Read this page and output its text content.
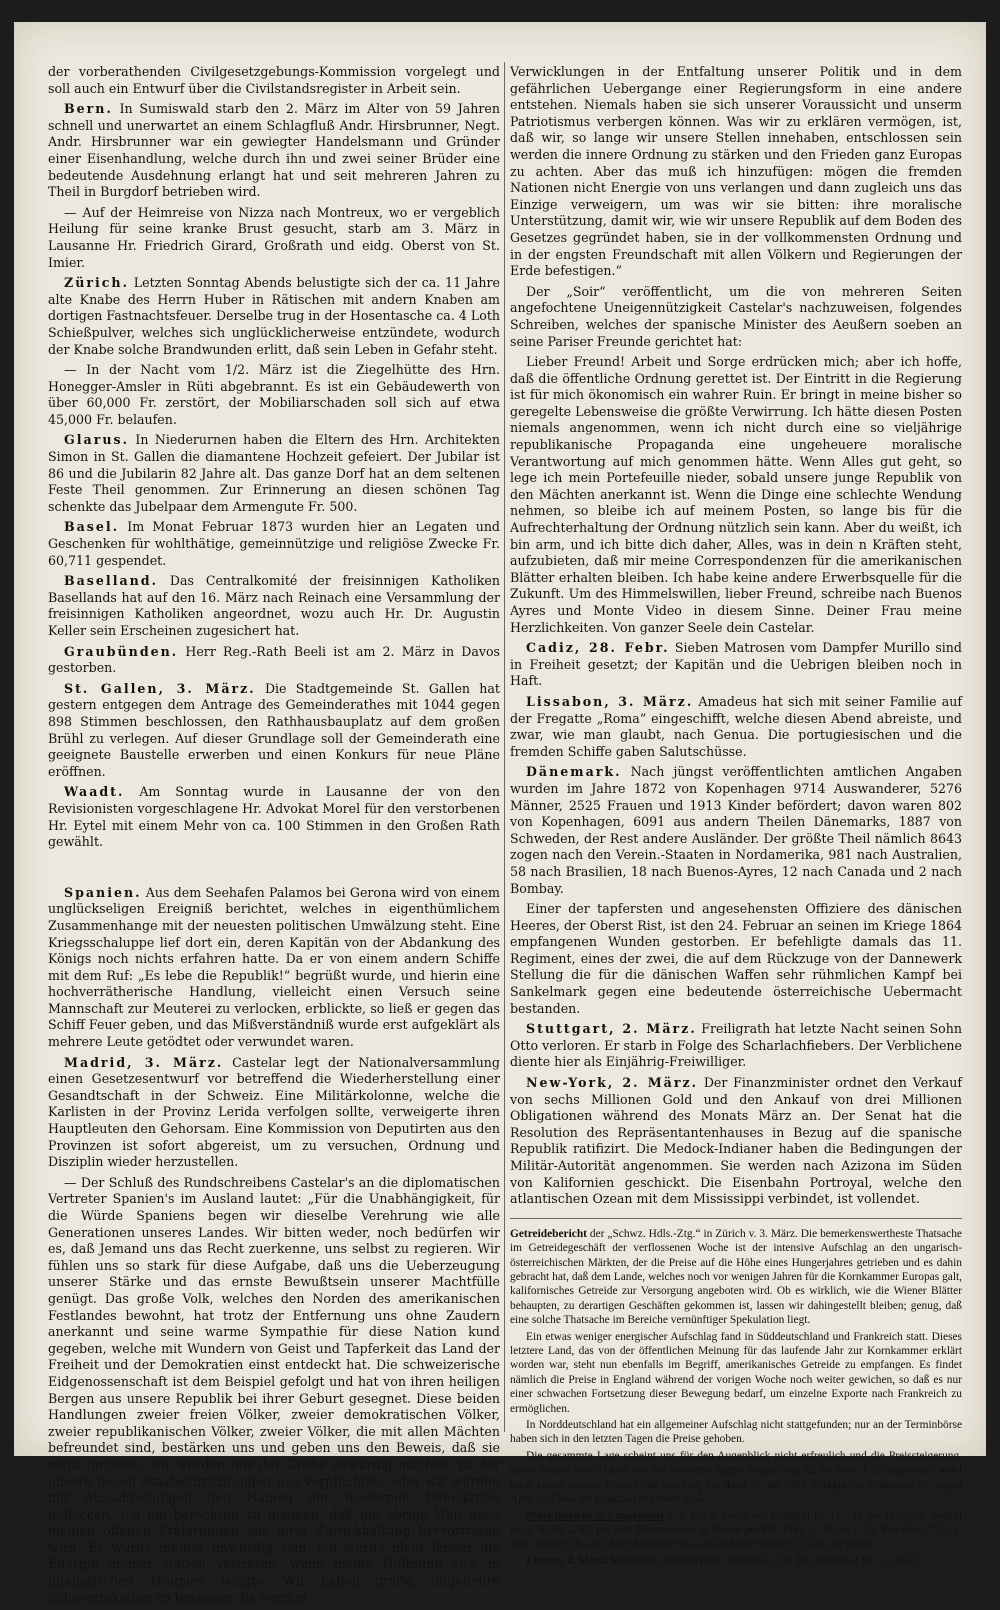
der vorberathenden Civilgesetzgebungs-Kommission vorgelegt und soll auch ein Entwurf über die Civilstandsregister in Arbeit sein.

Bern. In Sumiswald starb den 2. März im Alter von 59 Jahren schnell und unerwartet an einem Schlagfluß Andr. Hirsbrunner, Negt. Andr. Hirsbrunner war ein gewiegter Handelsmann und Gründer einer Eisenhandlung, welche durch ihn und zwei seiner Brüder eine bedeutende Ausdehnung erlangt hat und seit mehreren Jahren zu Theil in Burgdorf betrieben wird.

— Auf der Heimreise von Nizza nach Montreux, wo er vergeblich Heilung für seine kranke Brust gesucht, starb am 3. März in Lausanne Hr. Friedrich Girard, Großrath und eidg. Oberst von St. Imier.

Zürich. Letzten Sonntag Abends belustigte sich der ca. 11 Jahre alte Knabe des Herrn Huber in Rätischen mit andern Knaben am dortigen Fastnachtsfeuer. Derselbe trug in der Hosentasche ca. 4 Loth Schießpulver, welches sich unglücklicherweise entzündete, wodurch der Knabe solche Brandwunden erlitt, daß sein Leben in Gefahr steht.

— In der Nacht vom 1/2. März ist die Ziegelhütte des Hrn. Honegger-Amsler in Rüti abgebrannt. Es ist ein Gebäudewerth von über 60,000 Fr. zerstört, der Mobiliarschaden soll sich auf etwa 45,000 Fr. belaufen.

Glarus. In Niederurnen haben die Eltern des Hrn. Architekten Simon in St. Gallen die diamantene Hochzeit gefeiert. Der Jubilar ist 86 und die Jubilarin 82 Jahre alt. Das ganze Dorf hat an dem seltenen Feste Theil genommen. Zur Erinnerung an diesen schönen Tag schenkte das Jubelpaar dem Armengute Fr. 500.

Basel. Im Monat Februar 1873 wurden hier an Legaten und Geschenken für wohlthätige, gemeinnützige und religiöse Zwecke Fr. 60,711 gespendet.

Baselland. Das Centralkomité der freisinnigen Katholiken Basellands hat auf den 16. März nach Reinach eine Versammlung der freisinnigen Katholiken angeordnet, wozu auch Hr. Dr. Augustin Keller sein Erscheinen zugesichert hat.

Graubünden. Herr Reg.-Rath Beeli ist am 2. März in Davos gestorben.

St. Gallen, 3. März. Die Stadtgemeinde St. Gallen hat gestern entgegen dem Antrage des Gemeinderathes mit 1044 gegen 898 Stimmen beschlossen, den Rathhausbauplatz auf dem großen Brühl zu verlegen. Auf dieser Grundlage soll der Gemeinderath eine geeignete Baustelle erwerben und einen Konkurs für neue Pläne eröffnen.

Waadt. Am Sonntag wurde in Lausanne der von den Revisionisten vorgeschlagene Hr. Advokat Morel für den verstorbenen Hr. Eytel mit einem Mehr von ca. 100 Stimmen in den Großen Rath gewählt.

Spanien. Aus dem Seehafen Palamos bei Gerona wird von einem unglückseligen Ereigniß berichtet, welches in eigenthümlichem Zusammenhange mit der neuesten politischen Umwälzung steht. Eine Kriegsschaluppe lief dort ein, deren Kapitän von der Abdankung des Königs noch nichts erfahren hatte. Da er von einem andern Schiffe mit dem Ruf: „Es lebe die Republik!“ begrüßt wurde, und hierin eine hochverrätherische Handlung, vielleicht einen Versuch seine Mannschaft zur Meuterei zu verlocken, erblickte, so ließ er gegen das Schiff Feuer geben, und das Mißverständniß wurde erst aufgeklärt als mehrere Leute getödtet oder verwundet waren.

Madrid, 3. März. Castelar legt der Nationalversammlung einen Gesetzesentwurf vor betreffend die Wiederherstellung einer Gesandtschaft in der Schweiz. Eine Militärkolonne, welche die Karlisten in der Provinz Lerida verfolgen sollte, verweigerte ihren Hauptleuten den Gehorsam. Eine Kommission von Deputirten aus den Provinzen ist sofort abgereist, um zu versuchen, Ordnung und Disziplin wieder herzustellen.

— Der Schluß des Rundschreibens Castelar's an die diplomatischen Vertreter Spanien's im Ausland lautet: „Für die Unabhängigkeit, für die Würde Spaniens begen wir dieselbe Verehrung wie alle Generationen unseres Landes. Wir bitten weder, noch bedürfen wir es, daß Jemand uns das Recht zuerkenne, uns selbst zu regieren. Wir fühlen uns so stark für diese Aufgabe, daß uns die Ueberzeugung unserer Stärke und das ernste Bewußtsein unserer Machtfülle genügt. Das große Volk, welches den Norden des amerikanischen Festlandes bewohnt, hat trotz der Entfernung uns ohne Zaudern anerkannt und seine warme Sympathie für diese Nation kund gegeben, welche mit Wundern von Geist und Tapferkeit das Land der Freiheit und der Demokratien einst entdeckt hat. Die schweizerische Eidgenossenschaft ist dem Beispiel gefolgt und hat von ihren heiligen Bergen aus unsere Republik bei ihrer Geburt gesegnet. Diese beiden Handlungen zweier freien Völker, zweier demokratischen Völker, zweier republikanischen Völker, zweier Völker, die mit allen Mächten befreundet sind, bestärken uns und geben uns den Beweis, daß sie nicht fürchten, wir würden uns der Größe unwürdig machen, zu der unsere neuen Staatseinrichtungen uns verpflichten, oder wir würden mit Ausschreitungen den Namen der modernen Demokratie beflecken. Ich bin berechtigt zu glauben, daß die übrige Welt nach meinen offenen Erklärungen aus ihrer Zurückhaltung hervortreten wird. Es würde meiner unwürdig sein, ich würde nicht länger die Energie meiner Nation vertreten, wenn meine Hoffnung sich in phanatischen Träumen wiegte. Wir haben große, ungeheure Schwierigkeiten zu besiegen. Es werden

Verwicklungen in der Entfaltung unserer Politik und in dem gefährlichen Uebergange einer Regierungsform in eine andere entstehen. Niemals haben sie sich unserer Voraussicht und unserm Patriotismus verbergen können. Was wir zu erklären vermögen, ist, daß wir, so lange wir unsere Stellen innehaben, entschlossen sein werden die innere Ordnung zu stärken und den Frieden ganz Europas zu achten. Aber das muß ich hinzufügen: mögen die fremden Nationen nicht Energie von uns verlangen und dann zugleich uns das Einzige verweigern, um was wir sie bitten: ihre moralische Unterstützung, damit wir, wie wir unsere Republik auf dem Boden des Gesetzes gegründet haben, sie in der vollkommensten Ordnung und in der engsten Freundschaft mit allen Völkern und Regierungen der Erde befestigen.“

Der „Soir“ veröffentlicht, um die von mehreren Seiten angefochtene Uneigennützigkeit Castelar's nachzuweisen, folgendes Schreiben, welches der spanische Minister des Aeußern soeben an seine Pariser Freunde gerichtet hat:

Lieber Freund! Arbeit und Sorge erdrücken mich; aber ich hoffe, daß die öffentliche Ordnung gerettet ist. Der Eintritt in die Regierung ist für mich ökonomisch ein wahrer Ruin. Er bringt in meine bisher so geregelte Lebensweise die größte Verwirrung. Ich hätte diesen Posten niemals angenommen, wenn ich nicht durch eine so vieljährige republikanische Propaganda eine ungeheuere moralische Verantwortung auf mich genommen hätte. Wenn Alles gut geht, so lege ich mein Portefeuille nieder, sobald unsere junge Republik von den Mächten anerkannt ist. Wenn die Dinge eine schlechte Wendung nehmen, so bleibe ich auf meinem Posten, so lange bis für die Aufrechterhaltung der Ordnung nützlich sein kann. Aber du weißt, ich bin arm, und ich bitte dich daher, Alles, was in dein n Kräften steht, aufzubieten, daß mir meine Correspondenzen für die amerikanischen Blätter erhalten bleiben. Ich habe keine andere Erwerbsquelle für die Zukunft. Um des Himmelswillen, lieber Freund, schreibe nach Buenos Ayres und Monte Video in diesem Sinne. Deiner Frau meine Herzlichkeiten. Von ganzer Seele dein Castelar.

Cadiz, 28. Febr. Sieben Matrosen vom Dampfer Murillo sind in Freiheit gesetzt; der Kapitän und die Uebrigen bleiben noch in Haft.

Lissabon, 3. März. Amadeus hat sich mit seiner Familie auf der Fregatte „Roma“ eingeschifft, welche diesen Abend abreiste, und zwar, wie man glaubt, nach Genua. Die portugiesischen und die fremden Schiffe gaben Salutschüsse.

Dänemark. Nach jüngst veröffentlichten amtlichen Angaben wurden im Jahre 1872 von Kopenhagen 9714 Auswanderer, 5276 Männer, 2525 Frauen und 1913 Kinder befördert; davon waren 802 von Kopenhagen, 6091 aus andern Theilen Dänemarks, 1887 von Schweden, der Rest andere Ausländer. Der größte Theil nämlich 8643 zogen nach den Verein.-Staaten in Nordamerika, 981 nach Australien, 58 nach Brasilien, 18 nach Buenos-Ayres, 12 nach Canada und 2 nach Bombay.

Einer der tapfersten und angesehensten Offiziere des dänischen Heeres, der Oberst Rist, ist den 24. Februar an seinen im Kriege 1864 empfangenen Wunden gestorben. Er befehligte damals das 11. Regiment, eines der zwei, die auf dem Rückzuge von der Dannewerk Stellung die für die dänischen Waffen sehr rühmlichen Kampf bei Sankelmark gegen eine bedeutende österreichische Uebermacht bestanden.

Stuttgart, 2. März. Freiligrath hat letzte Nacht seinen Sohn Otto verloren. Er starb in Folge des Scharlachfiebers. Der Verblichene diente hier als Einjährig-Freiwilliger.

New-York, 2. März. Der Finanzminister ordnet den Verkauf von sechs Millionen Gold und den Ankauf von drei Millionen Obligationen während des Monats März an. Der Senat hat die Resolution des Repräsentantenhauses in Bezug auf die spanische Republik ratifizirt. Die Medock-Indianer haben die Bedingungen der Militär-Autorität angenommen. Sie werden nach Azizona im Süden von Kalifornien geschickt. Die Eisenbahn Portroyal, welche den atlantischen Ozean mit dem Mississippi verbindet, ist vollendet.

Getreidebericht der „Schwz. Hdls.-Ztg.“ in Zürich v. 3. März. Die bemerkenswertheste Thatsache im Getreidegeschäft der verflossenen Woche ist der intensive Aufschlag an den ungarisch-österreichischen Märkten, der die Preise auf die Höhe eines Hungerjahres getrieben und es dahin gebracht hat, daß dem Lande, welches noch vor wenigen Jahren für die Kornkammer Europas galt, kalifornisches Getreide zur Versorgung angeboten wird. Ob es wirklich, wie die Wiener Blätter behaupten, zu derartigen Geschäften gekommen ist, lassen wir dahingestellt bleiben; genug, daß eine solche Thatsache im Bereiche vernünftiger Spekulation liegt.

Ein etwas weniger energischer Aufschlag fand in Süddeutschland und Frankreich statt. Dieses letztere Land, das von der öffentlichen Meinung für das laufende Jahr zur Kornkammer erklärt worden war, steht nun ebenfalls im Begriff, amerikanisches Getreide zu empfangen. Es findet nämlich die Preise in England während der vorigen Woche noch weiter gewichen, so daß es nur einer schwachen Fortsetzung dieser Bewegung bedarf, um einzelne Exporte nach Frankreich zu ermöglichen.

In Norddeutschland hat ein allgemeiner Aufschlag nicht stattgefunden; nur an der Terminbörse haben sich in den letzten Tagen die Preise gehoben.

Die gesammte Lage scheint uns für den Augenblick nicht erfreulich und die Preissteigerung, deren Wahrscheinlichkeit wir vor vierzehn Tagen besprachen, dürfte trotz Frühlingswetter wohl noch etwas weitere Fortschritte machen, bis dann — im Falle erträglicher Witterung — gegen April und Mai die Reaktion beginnen muß.

Marktbericht v. Langenthal v. 4. März. Preise der Erdäpfel Fr. 11—12 per Dopplztr. Aepfel Fr. 2. 50 bis 2. 90, per Vrtl. Bauernanken in Ballen per Pfd. Frkn. 1. 30 bis 1. 35. Eier 6½—7 Ct. p. Stck. Kälber 30—60, fette Schweine 55—65 und fette Schafe 32 Cts. per Pfund.

Luzern, 4. März. Mittelpreis per Dopplztr. Kernen Fr. 39. 30, Aufschlag Fr. —. 60 Ct.
